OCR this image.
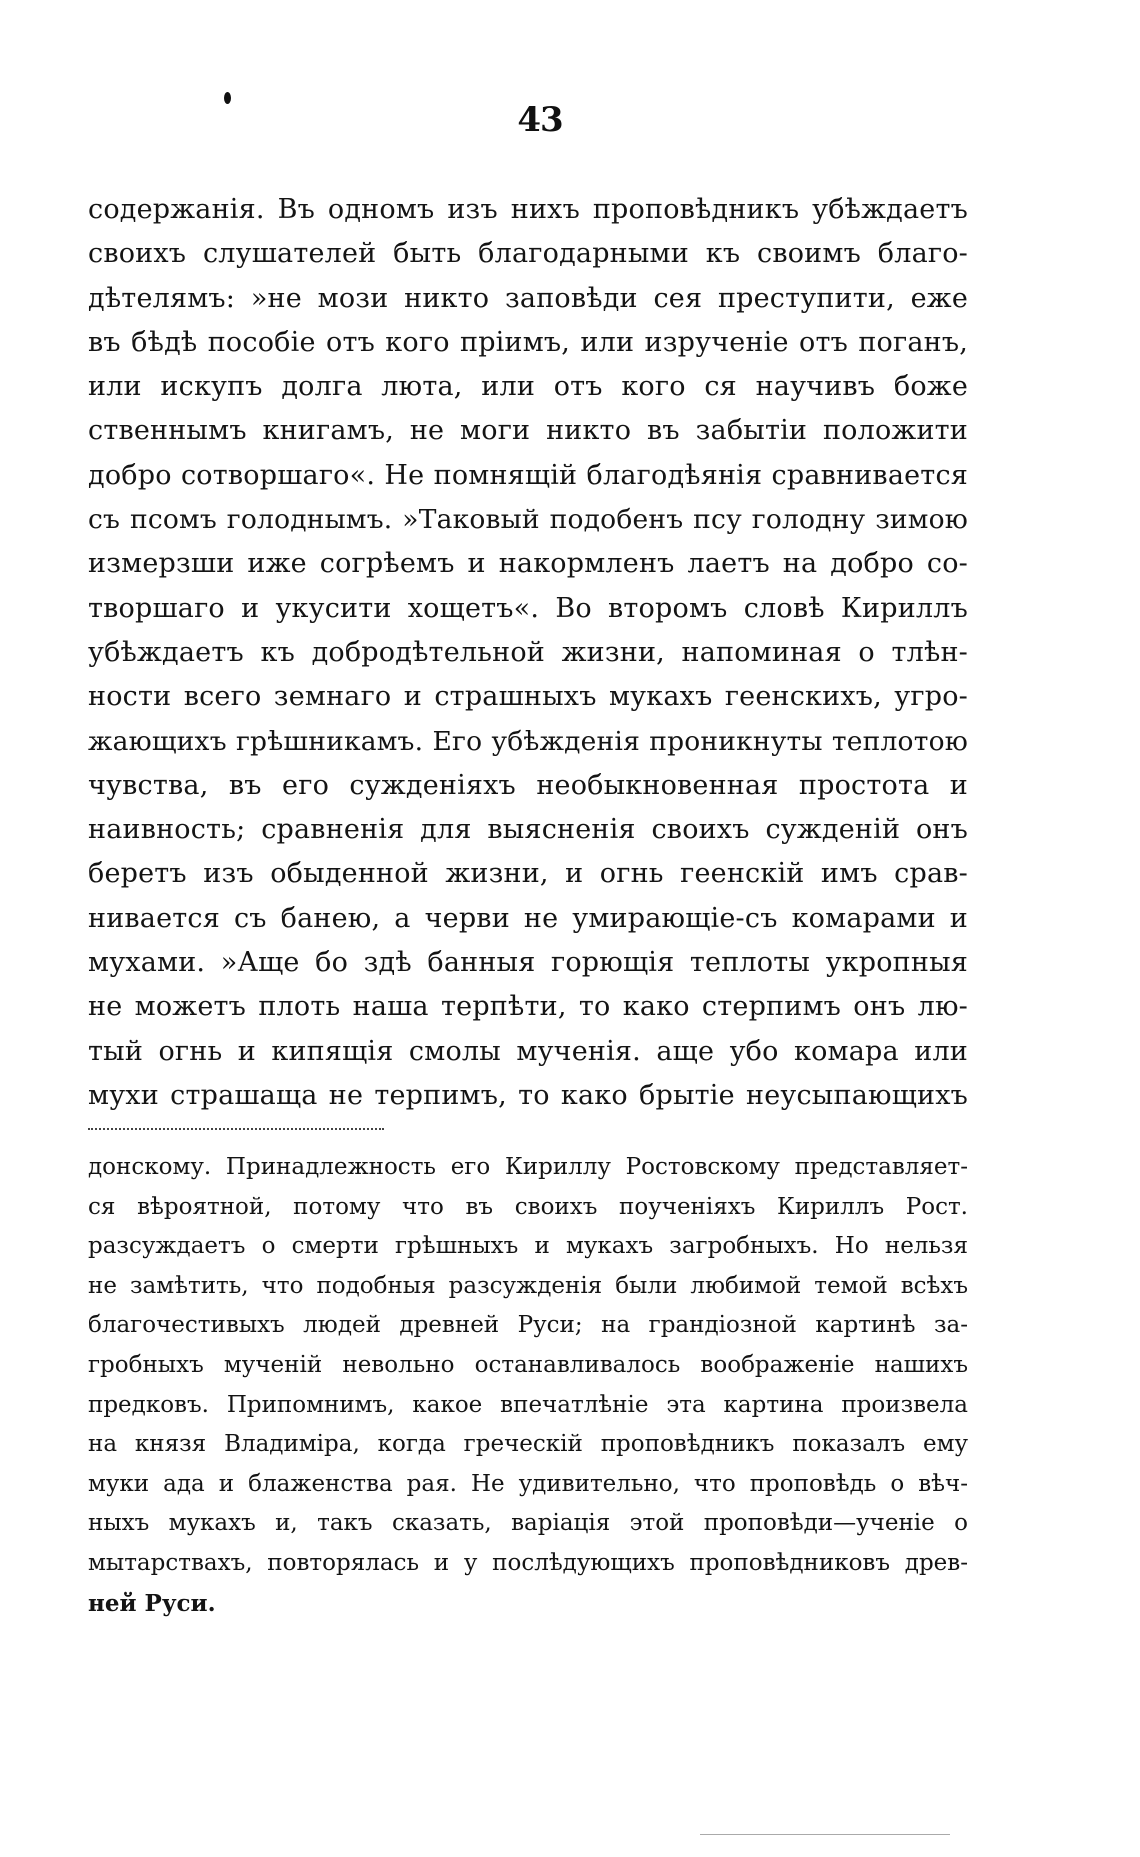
43
содержанія. Въ одномъ изъ нихъ проповѣдникъ убѣждаетъ
своихъ слушателей быть благодарными къ своимъ благо-
дѣтелямъ: »не мози никто заповѣди сея преступити, еже
въ бѣдѣ пособіе отъ кого пріимъ, или изрученіе отъ поганъ,
или искупъ долга люта, или отъ кого ся научивъ боже
ственнымъ книгамъ, не моги никто въ забытіи положити
добро сотворшаго«. Не помнящій благодѣянія сравнивается
съ псомъ голоднымъ. »Таковый подобенъ псу голодну зимою
измерзши иже согрѣемъ и накормленъ лаетъ на добро со-
творшаго и укусити хощетъ«. Во второмъ словѣ Кириллъ
убѣждаетъ къ добродѣтельной жизни, напоминая о тлѣн-
ности всего земнаго и страшныхъ мукахъ геенскихъ, угро-
жающихъ грѣшникамъ. Его убѣжденія проникнуты теплотою
чувства, въ его сужденіяхъ необыкновенная простота и
наивность; сравненія для выясненія своихъ сужденій онъ
беретъ изъ обыденной жизни, и огнь геенскій имъ срав-
нивается съ банею, а черви не умирающіе-съ комарами и
мухами. »Аще бо здѣ банныя горющія теплоты укропныя
не можетъ плоть наша терпѣти, то како стерпимъ онъ лю-
тый огнь и кипящія смолы мученія. аще убо комара или
мухи страшаща не терпимъ, то како брытіе неусыпающихъ
донскому. Принадлежность его Кириллу Ростовскому представляет-
ся вѣроятной, потому что въ своихъ поученіяхъ Кириллъ Рост.
разсуждаетъ о смерти грѣшныхъ и мукахъ загробныхъ. Но нельзя
не замѣтить, что подобныя разсужденія были любимой темой всѣхъ
благочестивыхъ людей древней Руси; на грандіозной картинѣ за-
гробныхъ мученій невольно останавливалось воображеніе нашихъ
предковъ. Припомнимъ, какое впечатлѣніе эта картина произвела
на князя Владиміра, когда греческій проповѣдникъ показалъ ему
муки ада и блаженства рая. Не удивительно, что проповѣдь о вѣч-
ныхъ мукахъ и, такъ сказать, варіація этой проповѣди—ученіе о
мытарствахъ, повторялась и у послѣдующихъ проповѣдниковъ древ-
ней Руси.
